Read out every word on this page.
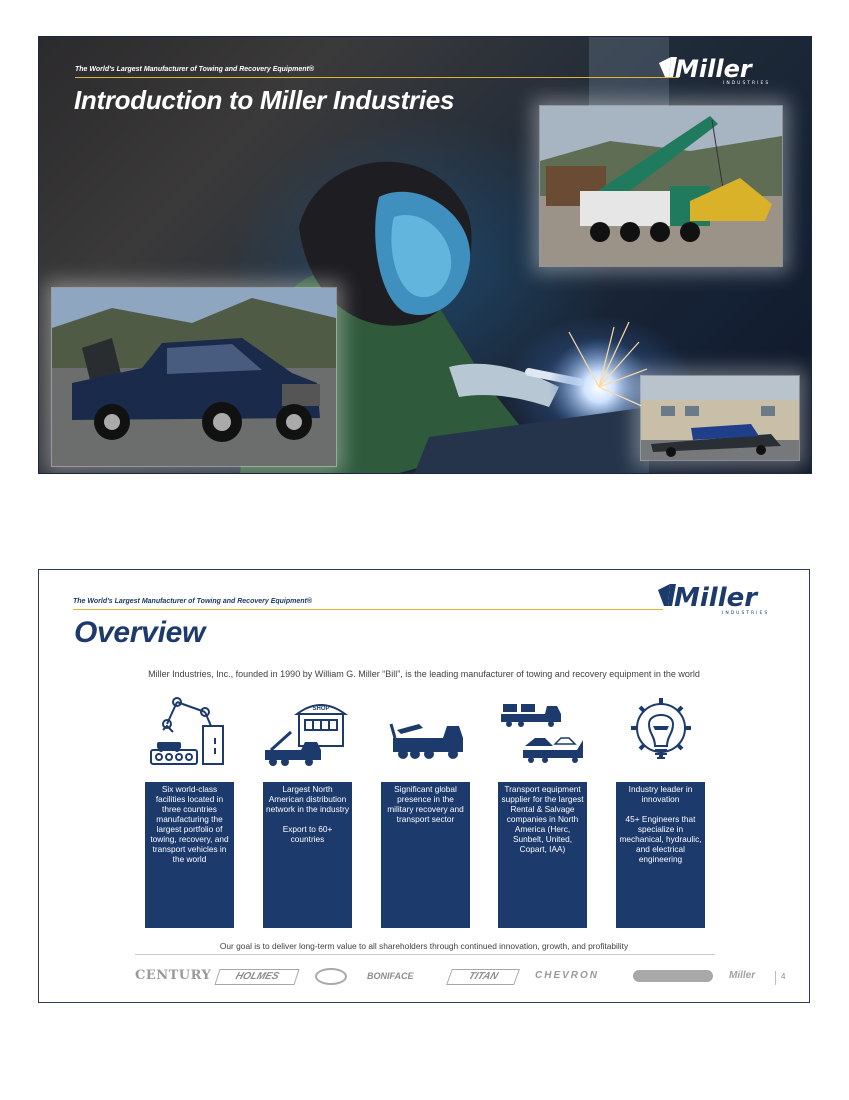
The World's Largest Manufacturer of Towing and Recovery Equipment®
Introduction to Miller Industries
Miller
INDUSTRIES
The World's Largest Manufacturer of Towing and Recovery Equipment®
Overview
Miller
INDUSTRIES
Miller Industries, Inc., founded in 1990 by William G. Miller “Bill”, is the leading manufacturer of towing and recovery equipment in the world
SHOP

Six world-class facilities located in three countries manufacturing the largest portfolio of towing, recovery, and transport vehicles in the world

Largest North American distribution network in the industry

Export to 60+ countries

Significant global presence in the military recovery and transport sector

Transport equipment supplier for the largest Rental & Salvage companies in North America (Herc, Sunbelt, United, Copart, IAA)

Industry leader in innovation

45+ Engineers that specialize in mechanical, hydraulic, and electrical engineering

Our goal is to deliver long-term value to all shareholders through continued innovation, growth, and profitability
CENTURY	HOLMES	BONIFACE	TITAN	CHEVRON	Miller	4
